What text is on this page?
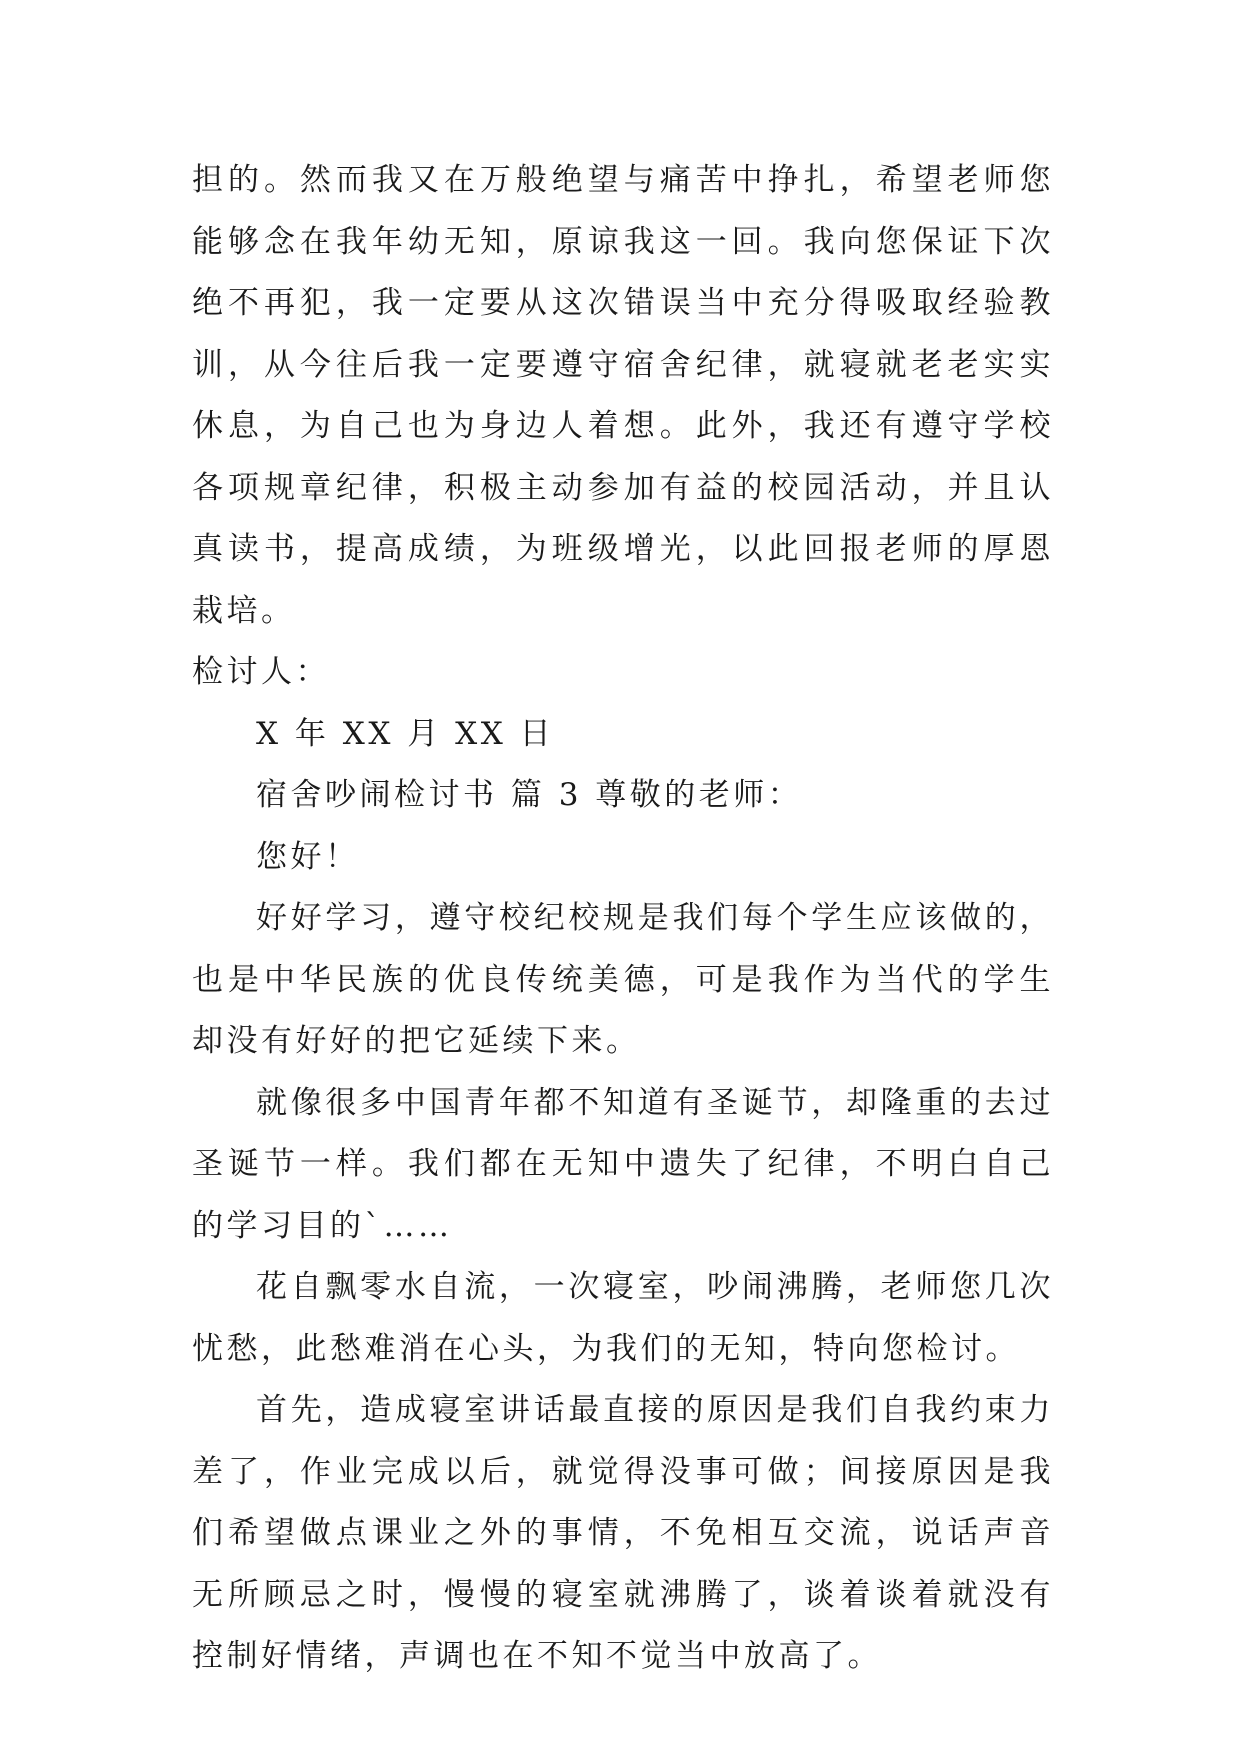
担的。然而我又在万般绝望与痛苦中挣扎，希望老师您能够念在我年幼无知，原谅我这一回。我向您保证下次绝不再犯，我一定要从这次错误当中充分得吸取经验教训，从今往后我一定要遵守宿舍纪律，就寝就老老实实休息，为自己也为身边人着想。此外，我还有遵守学校各项规章纪律，积极主动参加有益的校园活动，并且认真读书，提高成绩，为班级增光，以此回报老师的厚恩栽培。

检讨人：

X 年 XX 月 XX 日

宿舍吵闹检讨书 篇 3 尊敬的老师：

您好！

好好学习，遵守校纪校规是我们每个学生应该做的，也是中华民族的优良传统美德，可是我作为当代的学生却没有好好的把它延续下来。

就像很多中国青年都不知道有圣诞节，却隆重的去过圣诞节一样。我们都在无知中遗失了纪律，不明白自己的学习目的`……

花自飘零水自流，一次寝室，吵闹沸腾，老师您几次忧愁，此愁难消在心头，为我们的无知，特向您检讨。

首先，造成寝室讲话最直接的原因是我们自我约束力差了，作业完成以后，就觉得没事可做；间接原因是我们希望做点课业之外的事情，不免相互交流，说话声音无所顾忌之时，慢慢的寝室就沸腾了，谈着谈着就没有控制好情绪，声调也在不知不觉当中放高了。
